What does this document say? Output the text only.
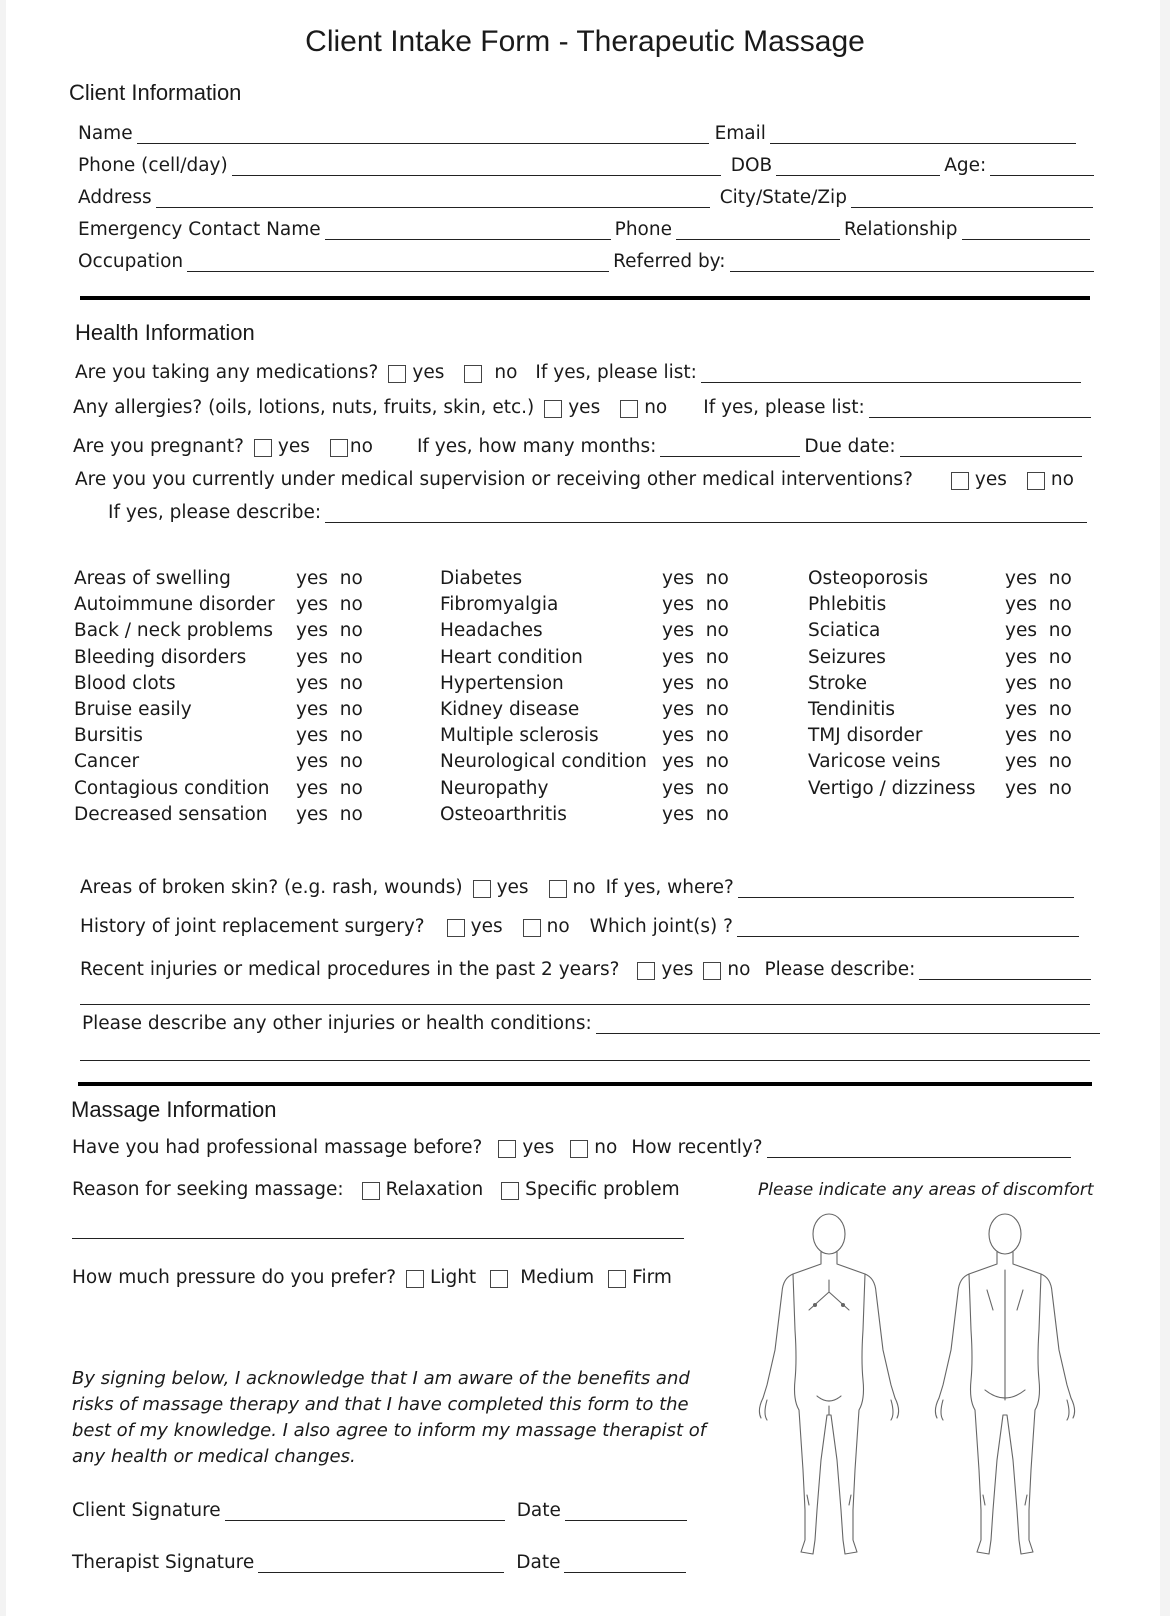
Client Intake Form - Therapeutic Massage
Client Information
Name	Email
Phone (cell/day)	DOB	Age:
Address	City/State/Zip
Emergency Contact Name	Phone	Relationship
Occupation	Referred by:
Health Information
Are you taking any medications? yes	no If yes, please list:
Any allergies? (oils, lotions, nuts, fruits, skin, etc.) yes no If yes, please list:
Are you pregnant? yes no If yes, how many months:	Due date:
Are you you currently under medical supervision or receiving other medical interventions?	yes no
If yes, please describe:
Areas of swelling	yes  no
Autoimmune disorder yes  no
Back / neck problems yes  no
Bleeding disorders	yes  no
Blood clots	yes  no
Bruise easily	yes  no
Bursitis	yes  no
Cancer	yes  no
Contagious condition yes  no
Decreased sensation yes  no
Diabetes	yes  no
Fibromyalgia	yes  no
Headaches	yes  no
Heart condition	yes  no
Hypertension	yes  no
Kidney disease	yes  no
Multiple sclerosis	yes  no
Neurological condition yes  no
Neuropathy	yes  no
Osteoarthritis	yes  no
Osteoporosis	yes  no
Phlebitis	yes  no
Sciatica	yes  no
Seizures	yes  no
Stroke	yes  no
Tendinitis	yes  no
TMJ disorder	yes  no
Varicose veins	yes  no
Vertigo / dizziness yes  no
Areas of broken skin? (e.g. rash, wounds) yes no If yes, where?
History of joint replacement surgery? yes no Which joint(s) ?
Recent injuries or medical procedures in the past 2 years? yes no Please describe:
Please describe any other injuries or health conditions:
Massage Information
Have you had professional massage before? yes no How recently?
Reason for seeking massage: Relaxation Specific problem	Please indicate any areas of discomfort
How much pressure do you prefer? Light Medium Firm
By signing below, I acknowledge that I am aware of the benefits and risks of massage therapy and that I have completed this form to the best of my knowledge. I also agree to inform my massage therapist of any health or medical changes.
Client Signature	Date
Therapist Signature	Date
